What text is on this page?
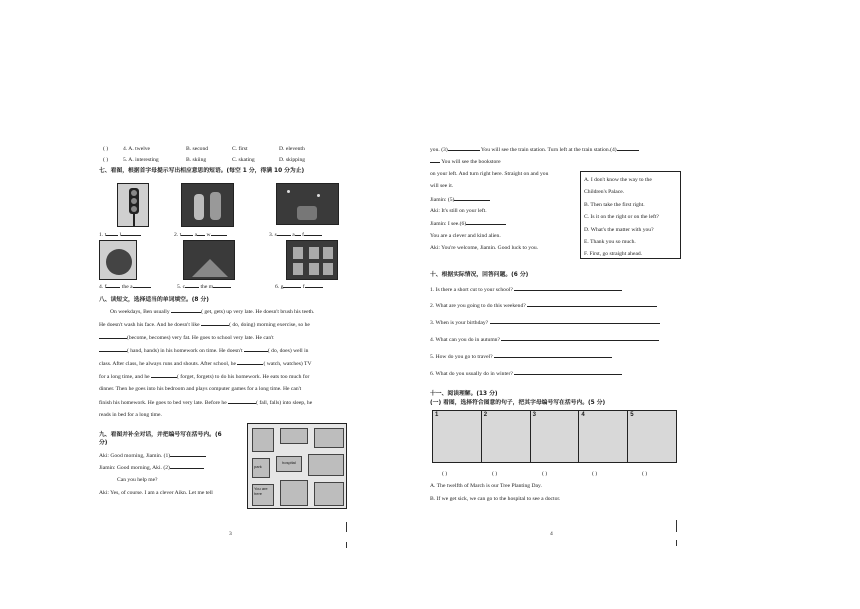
( )	4. A. twelve	B. second	C. first	D. eleventh
( )	5. A. interesting	B. skiing	C. skating	D. skipping
七、看图，根据首字母提示写出相应意思的短语。(每空 1 分，得满 10 分为止)
1. t l	2. t a w	3. s	a f
4. f	the a	5. c	the m	6. g	f
八、读短文，选择适当的单词填空。(8 分)
On weekdays, Ben usually	( get, gets) up very late. He doesn't brush his teeth.
He doesn't wash his face. And he doesn't like	( do, doing) morning exercise, so he
(become, becomes) very fat. He goes to school very late. He can't
( hand, hands) in his homework on time. He doesn't	( do, does) well in
class. After class, he always runs and shouts. After school, he	( watch, watches) TV
for a long time, and he	( forget, forgets) to do his homework. He eats too much for
dinner. Then he goes into his bedroom and plays computer games for a long time. He can't
finish his homework. He goes to bed very late. Before he	( fall, falls) into sleep, he
reads in bed for a long time.
九、看图并补全对话，并把编号写在括号内。(6
分)
Aki: Good morning, Jiamin. (1)
Jiamin: Good morning, Aki. (2)
Can you help me?
Aki: Yes, of course. I am a clever Aikn. Let me tell
park
hospital
You are here
3
you. (3)	You will see the train station. Turn left at the train station.(4)
You will see the bookstore
on your left. And turn right here. Straight on and you
will see it.
Jiamin: (5)
Aki: It's still on your left.
Jiamin: I see.(6)
You are a clever and kind alien.
Aki: You're welcome, Jiamin. Good luck to you.
A. I don't know the way to the
Children's Palace.
B. Then take the first right.
C. Is it on the right or on the left?
D. What's the matter with you?
E. Thank you so much.
F. First, go straight ahead.
十、根据实际情况，回答问题。(6 分)
1. Is there a short cut to your school?
2. What are you going to do this weekend?
3. When is your birthday?
4. What can you do in autumn?
5. How do you go to travel?
6. What do you usually do in winter?
十一、阅读理解。(13 分)
(一) 看图，选择符合图意的句子，把其字母编号写在括号内。(5 分)
1	2	3	4	5
( )	( )	( )	( )	( )
A. The twelfth of March is our Tree Planting Day.
B. If we get sick, we can go to the hospital to see a doctor.
4
